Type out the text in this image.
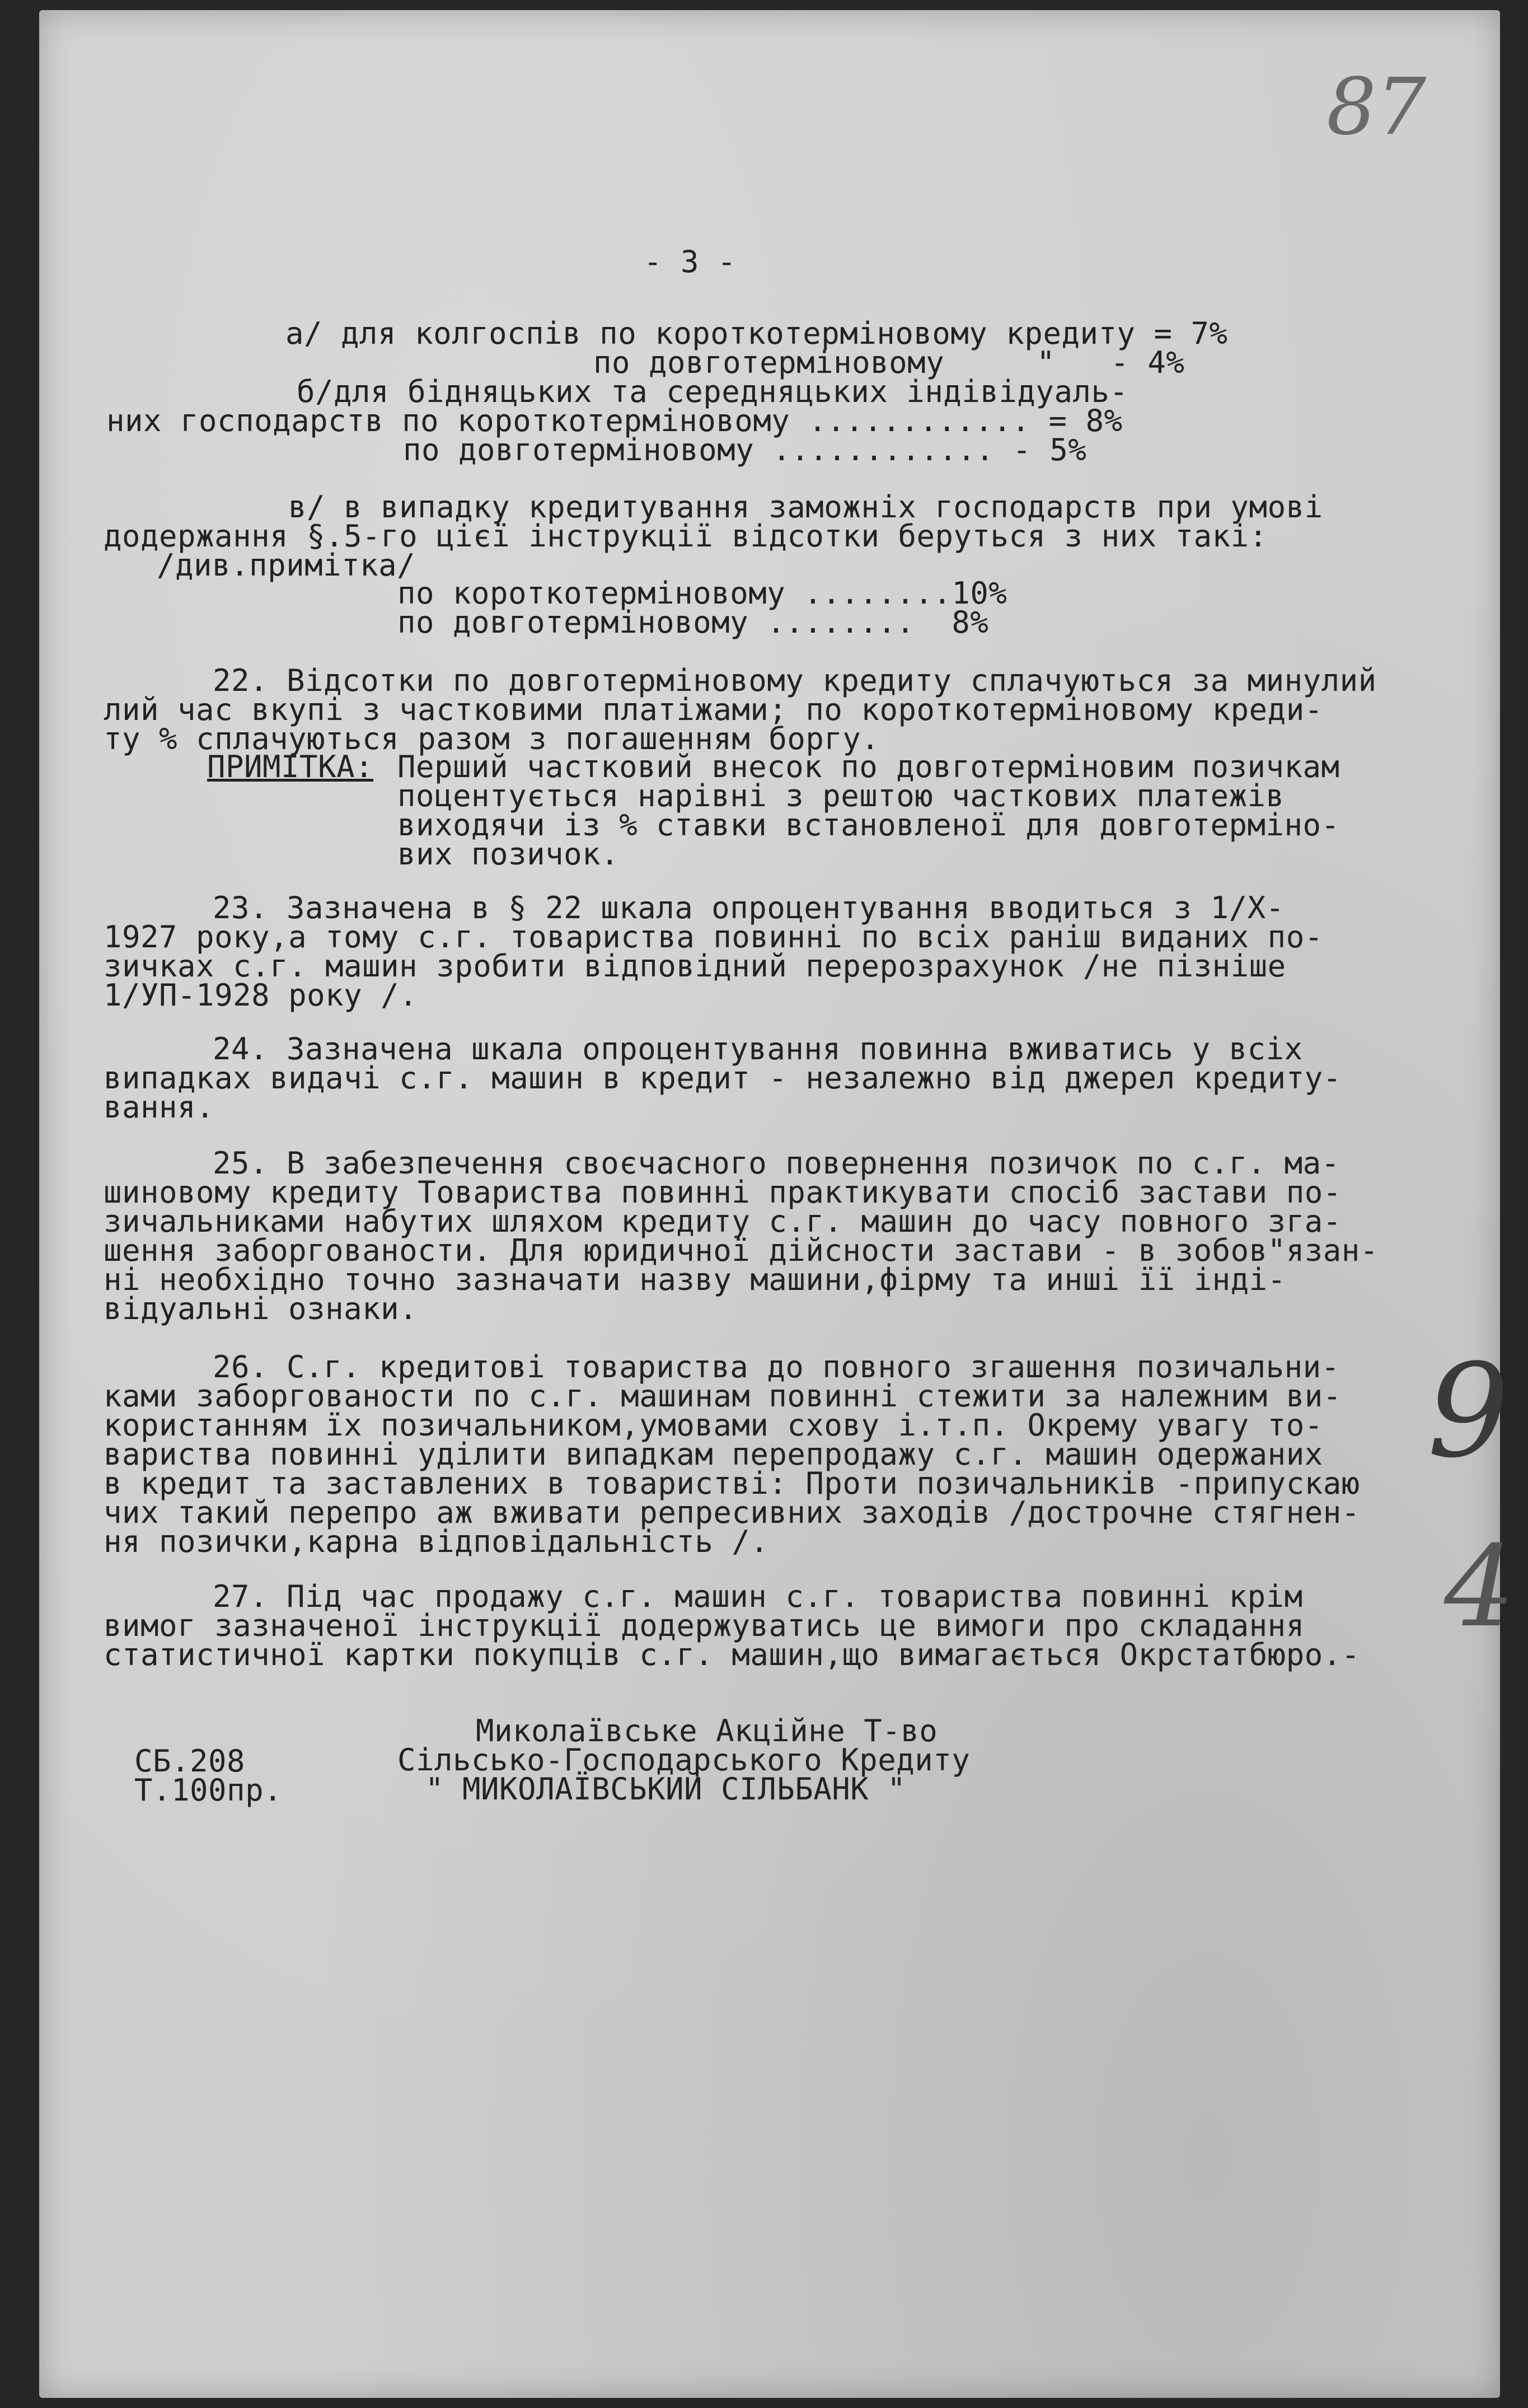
87
9
4
- 3 -
а/ для колгоспів по короткотерміновому кредиту = 7%
по довготерміновому     "   - 4%
б/для бідняцьких та середняцьких індівідуаль-
них господарств по короткотерміновому ............ = 8%
по довготерміновому ............ - 5%
в/ в випадку кредитування заможніх господарств при умові
додержання §.5-го цієї інструкції відсотки беруться з них такі:
/див.примітка/
по короткотерміновому ........10%
по довготерміновому ........  8%
22. Відсотки по довготерміновому кредиту сплачуються за минулий
лий час вкупі з частковими платіжами; по короткотерміновому креди-
ту % сплачуються разом з погашенням боргу.
ПРИМІТКА: Перший частковий внесок по довготерміновим позичкам
поцентується нарівні з рештою часткових платежів
виходячи із % ставки встановленої для довготерміно-
вих позичок.
23. Зазначена в § 22 шкала опроцентування вводиться з 1/X-
1927 року,а тому с.г. товариства повинні по всіх раніш виданих по-
зичках с.г. машин зробити відповідний перерозрахунок /не пізніше
1/УП-1928 року /.
24. Зазначена шкала опроцентування повинна вживатись у всіх
випадках видачі с.г. машин в кредит - незалежно від джерел кредиту-
вання.
25. В забезпечення своєчасного повернення позичок по с.г. ма-
шиновому кредиту Товариства повинні практикувати спосіб застави по-
зичальниками набутих шляхом кредиту с.г. машин до часу повного зга-
шення заборгованости. Для юридичної дійсности застави - в зобов"язан-
ні необхідно точно зазначати назву машини,фірму та инші її інді-
відуальні ознаки.
26. С.г. кредитові товариства до повного згашення позичальни-
ками заборгованости по с.г. машинам повинні стежити за належним ви-
користанням їх позичальником,умовами схову і.т.п. Окрему увагу то-
вариства повинні уділити випадкам перепродажу с.г. машин одержаних
в кредит та заставлених в товаристві: Проти позичальників -припускаю
чих такий перепро аж вживати репресивних заходів /дострочне стягнен-
ня позички,карна відповідальність /.
27. Під час продажу с.г. машин с.г. товариства повинні крім
вимог зазначеної інструкції додержуватись це вимоги про складання
статистичної картки покупців с.г. машин,що вимагається Окрстатбюро.-
СБ.208
Т.100пр.
Миколаївське Акційне Т-во
Сільсько-Господарського Кредиту
" МИКОЛАЇВСЬКИЙ СІЛЬБАНК "
